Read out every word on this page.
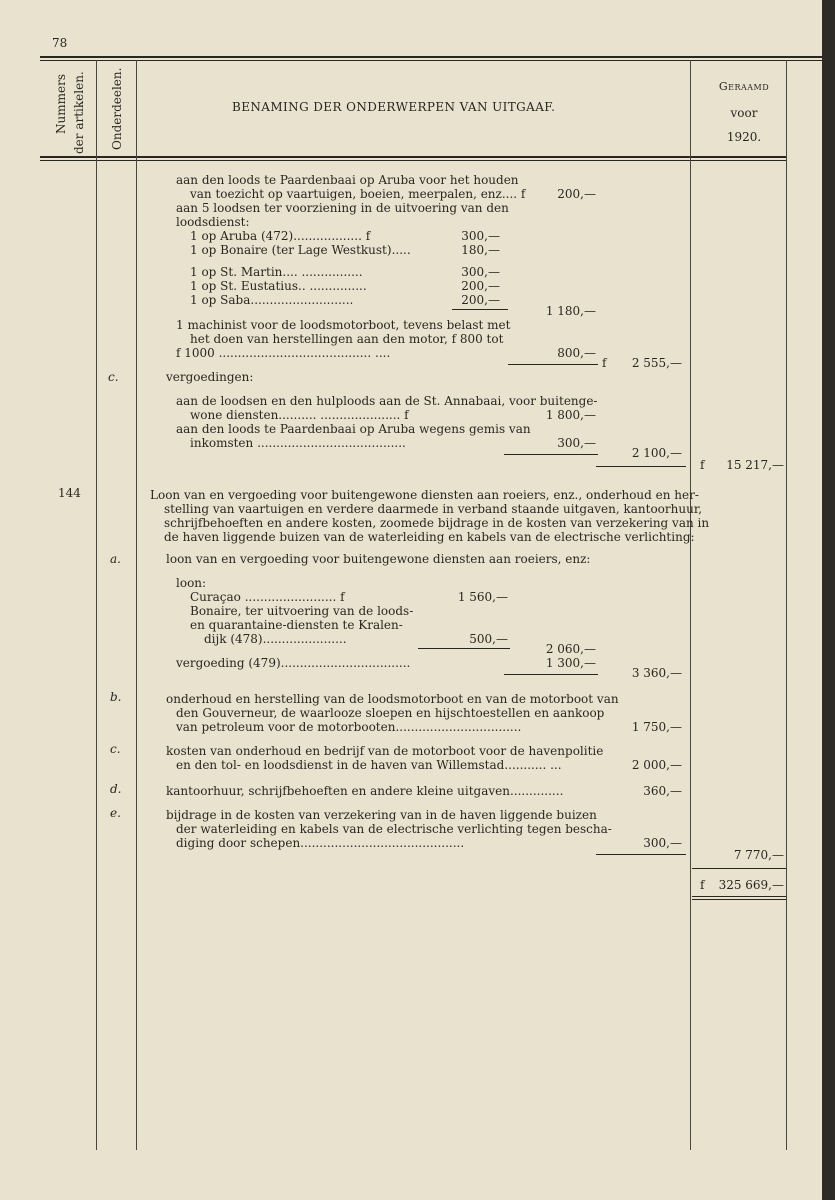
78
Nummers der artikelen. Onderdeelen.	BENAMING DER ONDERWERPEN VAN UITGAAF.
Geraamd
voor
1920.
aan den loods te Paardenbaai op Aruba voor het houden
van toezicht op vaartuigen, boeien, meerpalen, enz.... f	200,—
aan 5 loodsen ter voorziening in de uitvoering van den
loodsdienst:
1 op Aruba (472).................. f	300,—
1 op Bonaire (ter Lage Westkust).....	180,—
1 op St. Martin.... ................	300,—
1 op St. Eustatius.. ...............	200,—
1 op Saba...........................	200,—
1 180,—
1 machinist voor de loodsmotorboot, tevens belast met
het doen van herstellingen aan den motor, f 800 tot
f 1000 ........................................ ....	800,—
f	2 555,—
c.	vergoedingen:
aan de loodsen en den hulploods aan de St. Annabaai, voor buitenge-
wone diensten.......... ..................... f	1 800,—
aan den loods te Paardenbaai op Aruba wegens gemis van
inkomsten .......................................	300,—
2 100,—
f	15 217,—
144	Loon van en vergoeding voor buitengewone diensten aan roeiers, enz., onderhoud en her-
stelling van vaartuigen en verdere daarmede in verband staande uitgaven, kantoorhuur,
schrijfbehoeften en andere kosten, zoomede bijdrage in de kosten van verzekering van in
de haven liggende buizen van de waterleiding en kabels van de electrische verlichting:
a.	loon van en vergoeding voor buitengewone diensten aan roeiers, enz:
loon:
Curaçao ........................ f	1 560,—
Bonaire, ter uitvoering van de loods-
en quarantaine-diensten te Kralen-
dijk (478)......................	500,—
2 060,—
vergoeding (479)..................................	1 300,—
3 360,—
b.	onderhoud en herstelling van de loodsmotorboot en van de motorboot van
den Gouverneur, de waarlooze sloepen en hijschtoestellen en aankoop
van petroleum voor de motorbooten.................................	1 750,—
c.	kosten van onderhoud en bedrijf van de motorboot voor de havenpolitie
en den tol- en loodsdienst in de haven van Willemstad........... ...	2 000,—
d.	kantoorhuur, schrijfbehoeften en andere kleine uitgaven..............	360,—
e.	bijdrage in de kosten van verzekering van in de haven liggende buizen
der waterleiding en kabels van de electrische verlichting tegen bescha-
diging door schepen...........................................	300,—
7 770,—
f	325 669,—
